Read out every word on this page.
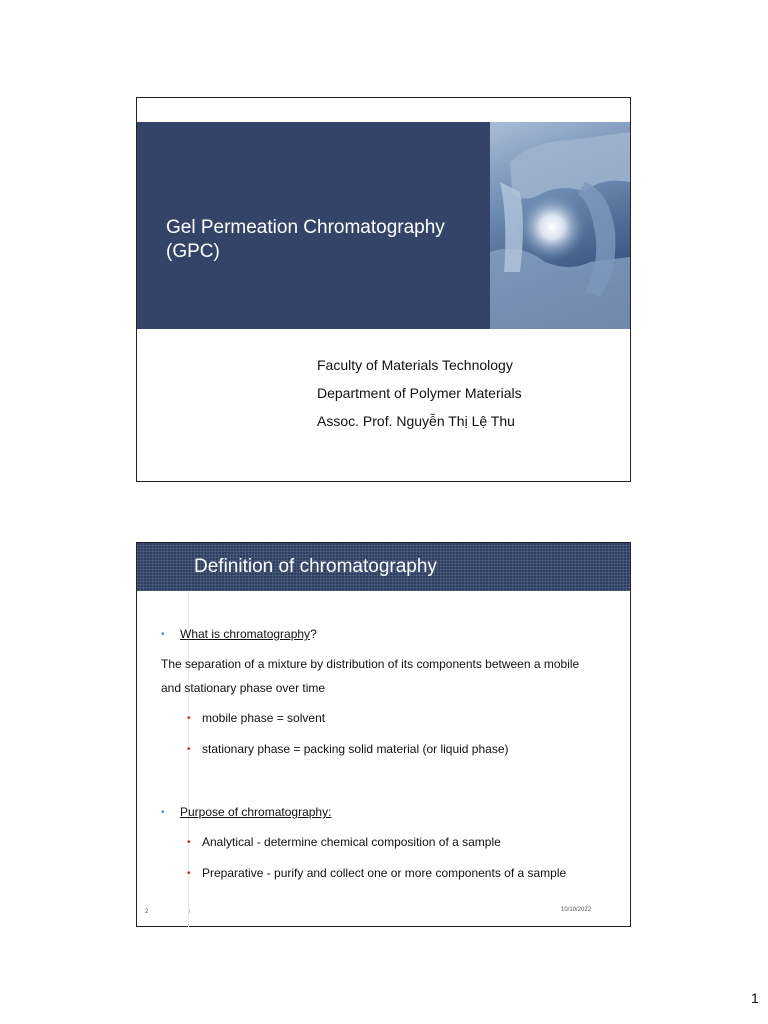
Gel Permeation Chromatography
(GPC)
Faculty of Materials Technology
Department of Polymer Materials
Assoc. Prof. Nguyễn Thị Lệ Thu
Definition of chromatography
• What is chromatography?
The separation of a mixture by distribution of its components between a mobile
and stationary phase over time
• mobile phase = solvent
• stationary phase = packing solid material (or liquid phase)
• Purpose of chromatography:
• Analytical - determine chemical composition of a sample
• Preparative - purify and collect one or more components of a sample
2	I	10/10/2022
1
